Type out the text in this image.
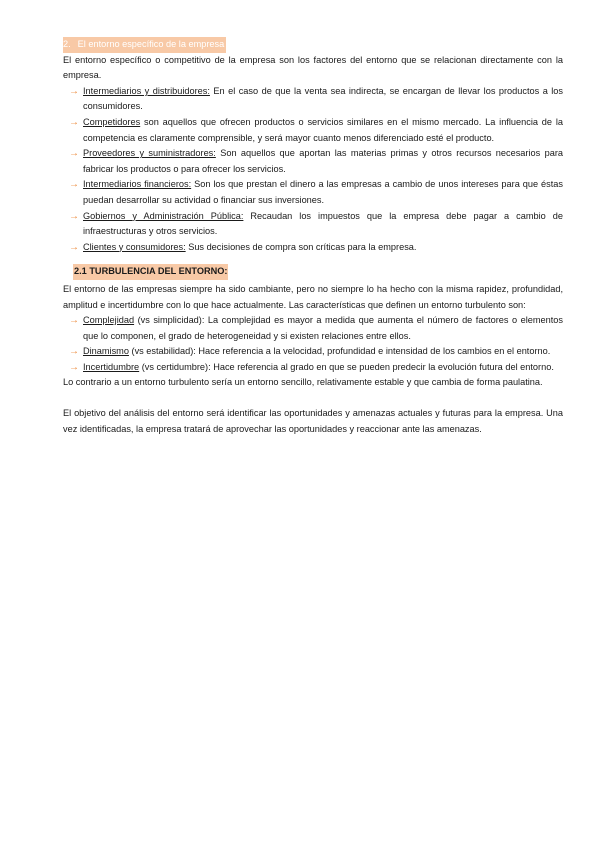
2. El entorno específico de la empresa

El entorno específico o competitivo de la empresa son los factores del entorno que se relacionan directamente con la empresa.

→ Intermediarios y distribuidores: En el caso de que la venta sea indirecta, se encargan de llevar los productos a los consumidores.
→ Competidores son aquellos que ofrecen productos o servicios similares en el mismo mercado. La influencia de la competencia es claramente comprensible, y será mayor cuanto menos diferenciado esté el producto.
→ Proveedores y suministradores: Son aquellos que aportan las materias primas y otros recursos necesarios para fabricar los productos o para ofrecer los servicios.
→ Intermediarios financieros: Son los que prestan el dinero a las empresas a cambio de unos intereses para que éstas puedan desarrollar su actividad o financiar sus inversiones.
→ Gobiernos y Administración Pública: Recaudan los impuestos que la empresa debe pagar a cambio de infraestructuras y otros servicios.
→ Clientes y consumidores: Sus decisiones de compra son críticas para la empresa.
2.1 TURBULENCIA DEL ENTORNO:

El entorno de las empresas siempre ha sido cambiante, pero no siempre lo ha hecho con la misma rapidez, profundidad, amplitud e incertidumbre con lo que hace actualmente. Las características que definen un entorno turbulento son:

→ Complejidad (vs simplicidad): La complejidad es mayor a medida que aumenta el número de factores o elementos que lo componen, el grado de heterogeneidad y si existen relaciones entre ellos.
→ Dinamismo (vs estabilidad): Hace referencia a la velocidad, profundidad e intensidad de los cambios en el entorno.
→ Incertidumbre (vs certidumbre): Hace referencia al grado en que se pueden predecir la evolución futura del entorno.

Lo contrario a un entorno turbulento sería un entorno sencillo, relativamente estable y que cambia de forma paulatina.

El objetivo del análisis del entorno será identificar las oportunidades y amenazas actuales y futuras para la empresa. Una vez identificadas, la empresa tratará de aprovechar las oportunidades y reaccionar ante las amenazas.
